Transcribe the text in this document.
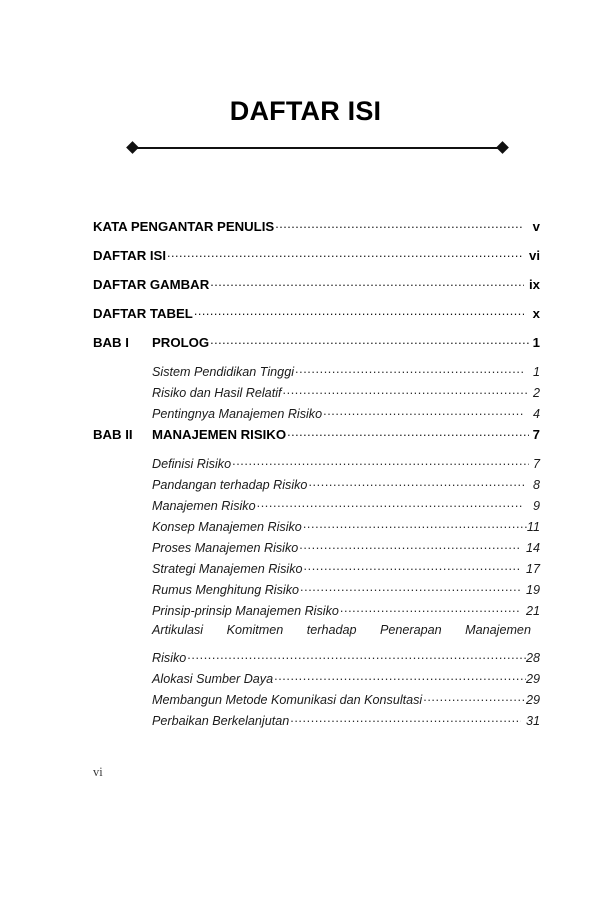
DAFTAR ISI
KATA PENGANTAR PENULIS .....	v
DAFTAR ISI .....	vi
DAFTAR GAMBAR .....	ix
DAFTAR TABEL .....	x
BAB I	PROLOG .....	1
Sistem Pendidikan Tinggi .....	1
Risiko dan Hasil Relatif .....	2
Pentingnya Manajemen Risiko .....	4
BAB II	MANAJEMEN RISIKO .....	7
Definisi Risiko .....	7
Pandangan terhadap Risiko .....	8
Manajemen Risiko .....	9
Konsep Manajemen Risiko .....	11
Proses Manajemen Risiko .....	14
Strategi Manajemen Risiko .....	17
Rumus Menghitung Risiko .....	19
Prinsip-prinsip Manajemen Risiko .....	21
Artikulasi Komitmen terhadap Penerapan Manajemen
Risiko .....	28
Alokasi Sumber Daya .....	29
Membangun Metode Komunikasi dan Konsultasi .....	29
Perbaikan Berkelanjutan .....	31
vi
